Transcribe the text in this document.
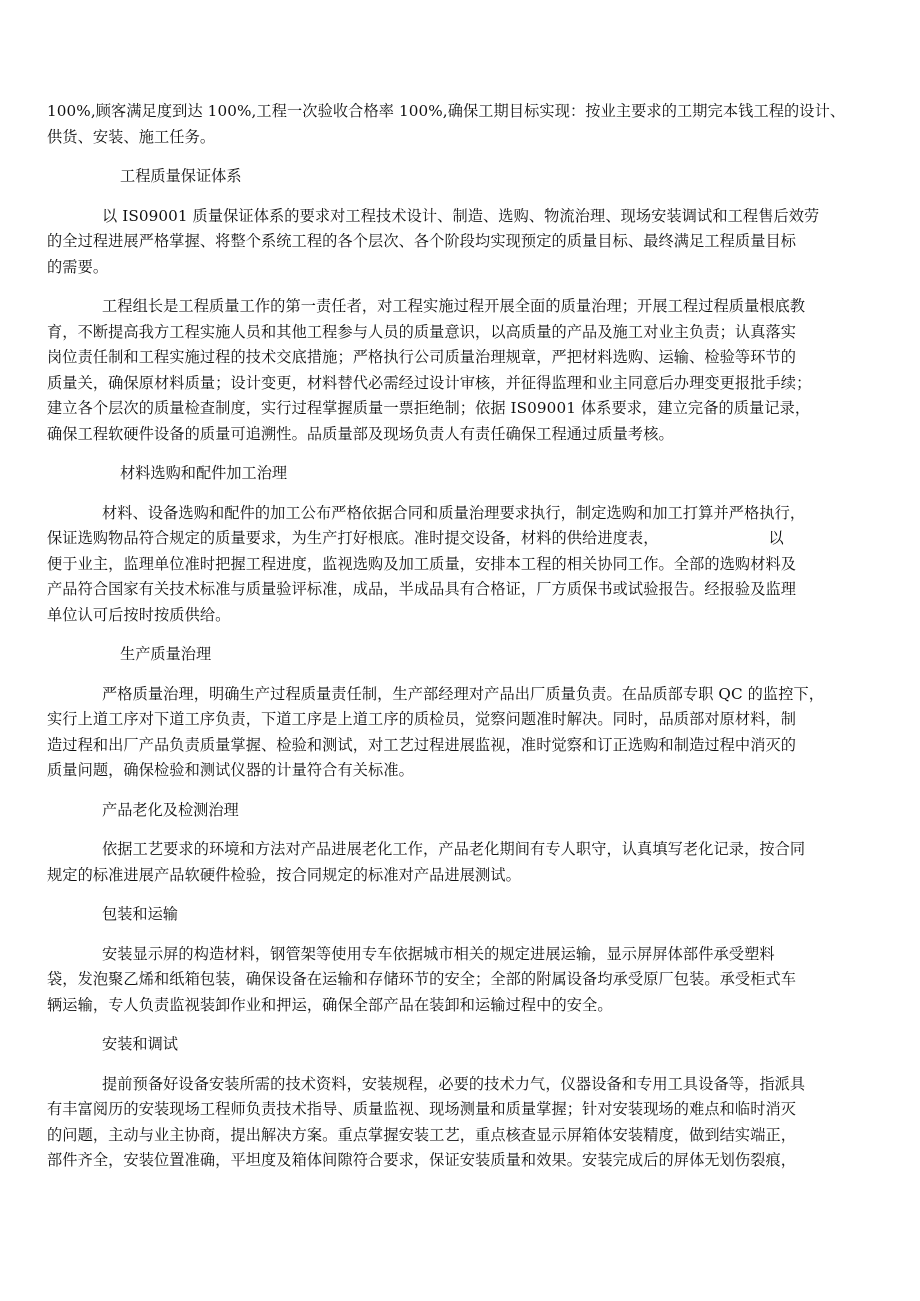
100%,顾客满足度到达 100%,工程一次验收合格率 100%,确保工期目标实现：按业主要求的工期完本钱工程的设计、
供货、安装、施工任务。

工程质量保证体系

以 IS09001 质量保证体系的要求对工程技术设计、制造、选购、物流治理、现场安装调试和工程售后效劳
的全过程进展严格掌握、将整个系统工程的各个层次、各个阶段均实现预定的质量目标、最终满足工程质量目标
的需要。

工程组长是工程质量工作的第一责任者，对工程实施过程开展全面的质量治理；开展工程过程质量根底教
育，不断提高我方工程实施人员和其他工程参与人员的质量意识，以高质量的产品及施工对业主负责；认真落实
岗位责任制和工程实施过程的技术交底措施；严格执行公司质量治理规章，严把材料选购、运输、检验等环节的
质量关，确保原材料质量；设计变更，材料替代必需经过设计审核，并征得监理和业主同意后办理变更报批手续；
建立各个层次的质量检查制度，实行过程掌握质量一票拒绝制；依据 IS09001 体系要求，建立完备的质量记录，
确保工程软硬件设备的质量可追溯性。品质量部及现场负责人有责任确保工程通过质量考核。

材料选购和配件加工治理

材料、设备选购和配件的加工公布严格依据合同和质量治理要求执行，制定选购和加工打算并严格执行，
保证选购物品符合规定的质量要求，为生产打好根底。准时提交设备，材料的供给进度表，	以
便于业主，监理单位准时把握工程进度，监视选购及加工质量，安排本工程的相关协同工作。全部的选购材料及
产品符合国家有关技术标准与质量验评标准，成品，半成品具有合格证，厂方质保书或试验报告。经报验及监理
单位认可后按时按质供给。

生产质量治理

严格质量治理，明确生产过程质量责任制，生产部经理对产品出厂质量负责。在品质部专职 QC 的监控下，
实行上道工序对下道工序负责，下道工序是上道工序的质检员，觉察问题准时解决。同时，品质部对原材料，制
造过程和出厂产品负责质量掌握、检验和测试，对工艺过程进展监视，准时觉察和订正选购和制造过程中消灭的
质量问题，确保检验和测试仪器的计量符合有关标准。

产品老化及检测治理

依据工艺要求的环境和方法对产品进展老化工作，产品老化期间有专人职守，认真填写老化记录，按合同
规定的标准进展产品软硬件检验，按合同规定的标准对产品进展测试。

包装和运输

安装显示屏的构造材料，钢管架等使用专车依据城市相关的规定进展运输，显示屏屏体部件承受塑料
袋，发泡聚乙烯和纸箱包装，确保设备在运输和存储环节的安全；全部的附属设备均承受原厂包装。承受柜式车
辆运输，专人负责监视装卸作业和押运，确保全部产品在装卸和运输过程中的安全。

安装和调试

提前预备好设备安装所需的技术资料，安装规程，必要的技术力气，仪器设备和专用工具设备等，指派具
有丰富阅历的安装现场工程师负责技术指导、质量监视、现场测量和质量掌握；针对安装现场的难点和临时消灭
的问题，主动与业主协商，提出解决方案。重点掌握安装工艺，重点核查显示屏箱体安装精度，做到结实端正，
部件齐全，安装位置准确，平坦度及箱体间隙符合要求，保证安装质量和效果。安装完成后的屏体无划伤裂痕，
